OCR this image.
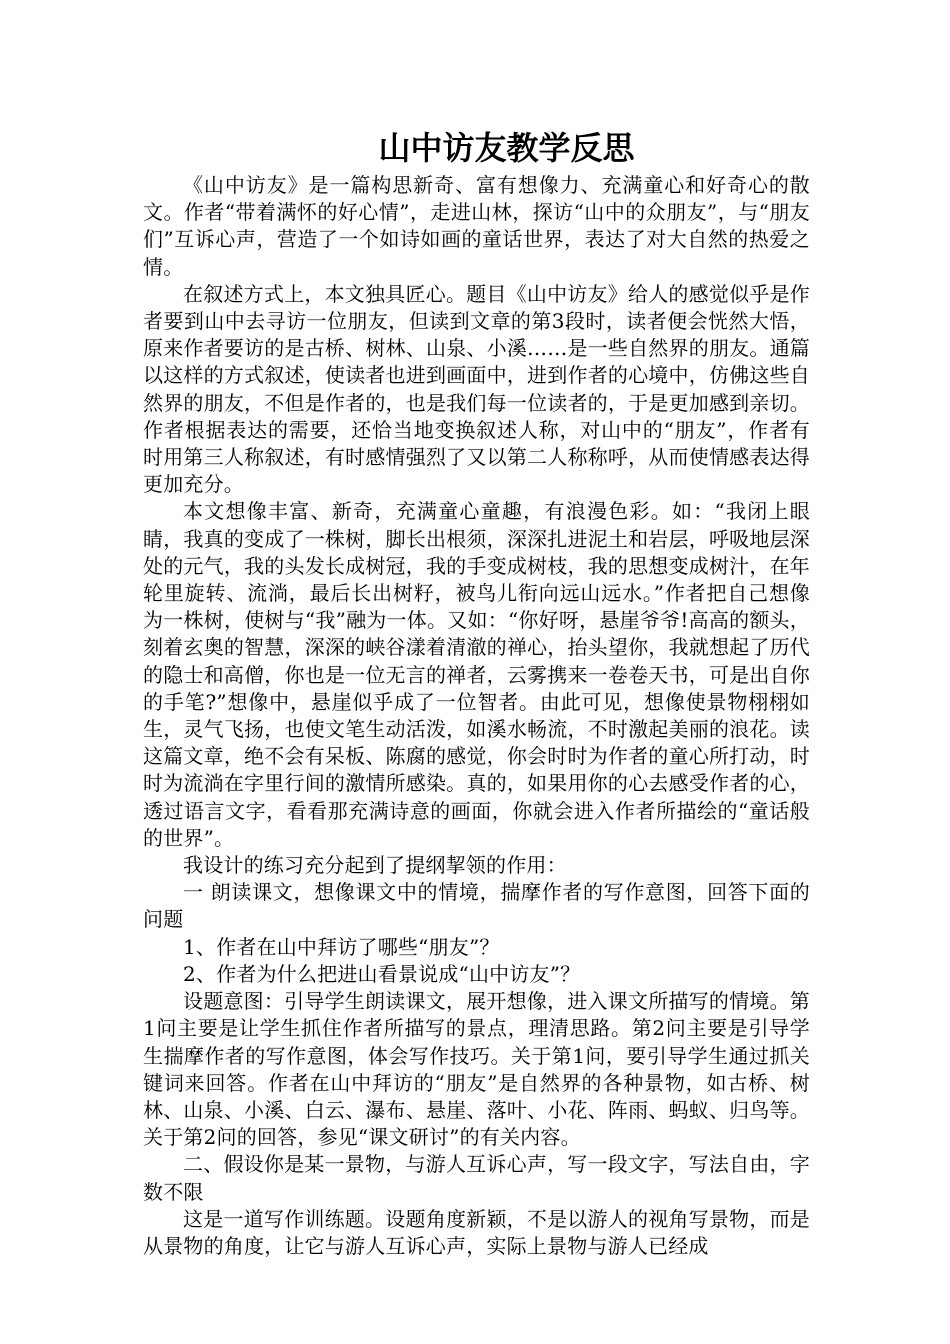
山中访友教学反思

《山中访友》是一篇构思新奇、富有想像力、充满童心和好奇心的散文。作者“带着满怀的好心情”，走进山林，探访“山中的众朋友”，与“朋友们”互诉心声，营造了一个如诗如画的童话世界，表达了对大自然的热爱之情。

在叙述方式上，本文独具匠心。题目《山中访友》给人的感觉似乎是作者要到山中去寻访一位朋友，但读到文章的第3段时，读者便会恍然大悟，原来作者要访的是古桥、树林、山泉、小溪……是一些自然界的朋友。通篇以这样的方式叙述，使读者也进到画面中，进到作者的心境中，仿佛这些自然界的朋友，不但是作者的，也是我们每一位读者的，于是更加感到亲切。作者根据表达的需要，还恰当地变换叙述人称，对山中的“朋友”，作者有时用第三人称叙述，有时感情强烈了又以第二人称称呼，从而使情感表达得更加充分。

本文想像丰富、新奇，充满童心童趣，有浪漫色彩。如：“我闭上眼睛，我真的变成了一株树，脚长出根须，深深扎进泥土和岩层，呼吸地层深处的元气，我的头发长成树冠，我的手变成树枝，我的思想变成树汁，在年轮里旋转、流淌，最后长出树籽，被鸟儿衔向远山远水。”作者把自己想像为一株树，使树与“我”融为一体。又如：“你好呀，悬崖爷爷!高高的额头，刻着玄奥的智慧，深深的峡谷漾着清澈的禅心，抬头望你，我就想起了历代的隐士和高僧，你也是一位无言的禅者，云雾携来一卷卷天书，可是出自你的手笔?”想像中，悬崖似乎成了一位智者。由此可见，想像使景物栩栩如生，灵气飞扬，也使文笔生动活泼，如溪水畅流，不时激起美丽的浪花。读这篇文章，绝不会有呆板、陈腐的感觉，你会时时为作者的童心所打动，时时为流淌在字里行间的激情所感染。真的，如果用你的心去感受作者的心，透过语言文字，看看那充满诗意的画面，你就会进入作者所描绘的“童话般的世界”。

我设计的练习充分起到了提纲挈领的作用：

一 朗读课文，想像课文中的情境，揣摩作者的写作意图，回答下面的问题

1、作者在山中拜访了哪些“朋友”？

2、作者为什么把进山看景说成“山中访友”？

设题意图：引导学生朗读课文，展开想像，进入课文所描写的情境。第1问主要是让学生抓住作者所描写的景点，理清思路。第2问主要是引导学生揣摩作者的写作意图，体会写作技巧。关于第1问，要引导学生通过抓关键词来回答。作者在山中拜访的“朋友”是自然界的各种景物，如古桥、树林、山泉、小溪、白云、瀑布、悬崖、落叶、小花、阵雨、蚂蚁、归鸟等。关于第2问的回答，参见“课文研讨”的有关内容。

二、假设你是某一景物，与游人互诉心声，写一段文字，写法自由，字数不限

这是一道写作训练题。设题角度新颖，不是以游人的视角写景物，而是从景物的角度，让它与游人互诉心声，实际上景物与游人已经成
